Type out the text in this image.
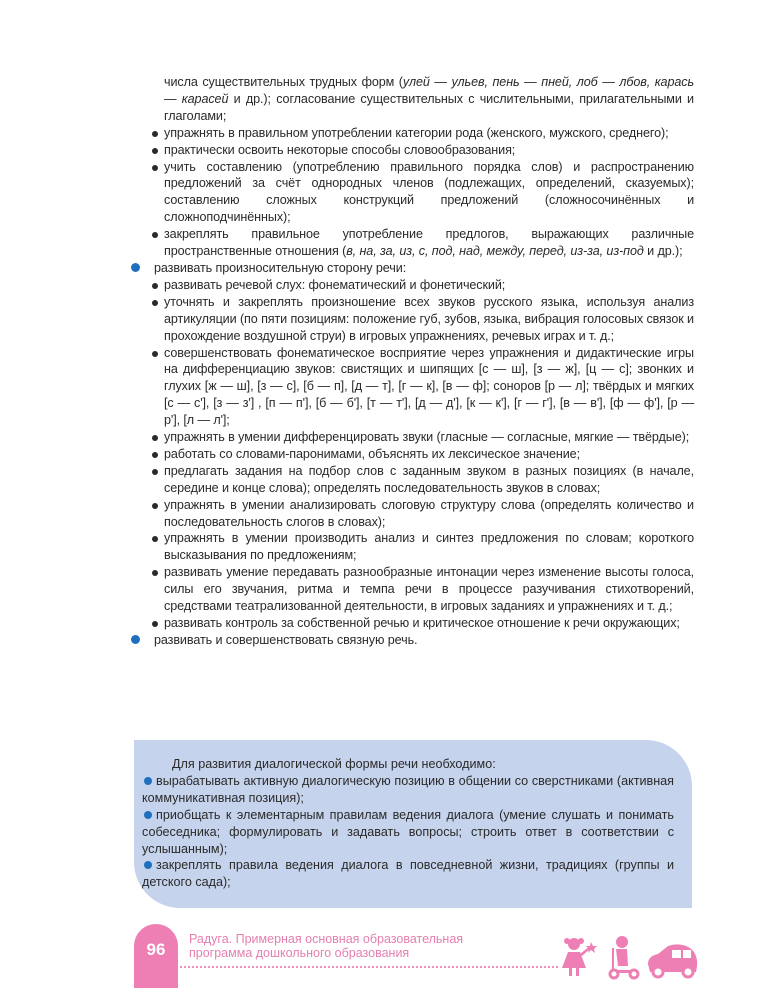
числа существительных трудных форм (улей — ульев, пень — пней, лоб — лбов, карась — карасей и др.); согласование существительных с числительными, прилагательными и глаголами;

упражнять в правильном употреблении категории рода (женского, мужского, среднего);

практически освоить некоторые способы словообразования;

учить составлению (употреблению правильного порядка слов) и распространению предложений за счёт однородных членов (подлежащих, определений, сказуемых); составлению сложных конструкций предложений (сложносочинённых и сложноподчинённых);

закреплять правильное употребление предлогов, выражающих различные пространственные отношения (в, на, за, из, с, под, над, между, перед, из-за, из-под и др.);

развивать произносительную сторону речи:

развивать речевой слух: фонематический и фонетический;

уточнять и закреплять произношение всех звуков русского языка, используя анализ артикуляции (по пяти позициям: положение губ, зубов, языка, вибрация голосовых связок и прохождение воздушной струи) в игровых упражнениях, речевых играх и т. д.;

совершенствовать фонематическое восприятие через упражнения и дидактические игры на дифференциацию звуков: свистящих и шипящих [с — ш], [з — ж], [ц — с]; звонких и глухих [ж — ш], [з — с], [б — п], [д — т], [г — к], [в — ф]; соноров [р — л]; твёрдых и мягких [с — с'], [з — з'] , [п — п'], [б — б'], [т — т'], [д — д'], [к — к'], [г — г'], [в — в'], [ф — ф'], [р — р'], [л — л'];

упражнять в умении дифференцировать звуки (гласные — согласные, мягкие — твёрдые);

работать со словами-паронимами, объяснять их лексическое значение;

предлагать задания на подбор слов с заданным звуком в разных позициях (в начале, середине и конце слова); определять последовательность звуков в словах;

упражнять в умении анализировать слоговую структуру слова (определять количество и последовательность слогов в словах);

упражнять в умении производить анализ и синтез предложения по словам; короткого высказывания по предложениям;

развивать умение передавать разнообразные интонации через изменение высоты голоса, силы его звучания, ритма и темпа речи в процессе разучивания стихотворений, средствами театрализованной деятельности, в игровых заданиях и упражнениях и т. д.;

развивать контроль за собственной речью и критическое отношение к речи окружающих;

развивать и совершенствовать связную речь.

Для развития диалогической формы речи необходимо:

вырабатывать активную диалогическую позицию в общении со сверстниками (активная коммуникативная позиция);

приобщать к элементарным правилам ведения диалога (умение слушать и понимать собеседника; формулировать и задавать вопросы; строить ответ в соответствии с услышанным);

закреплять правила ведения диалога в повседневной жизни, традициях (группы и детского сада);

96
Радуга. Примерная основная образовательная
программа дошкольного образования
